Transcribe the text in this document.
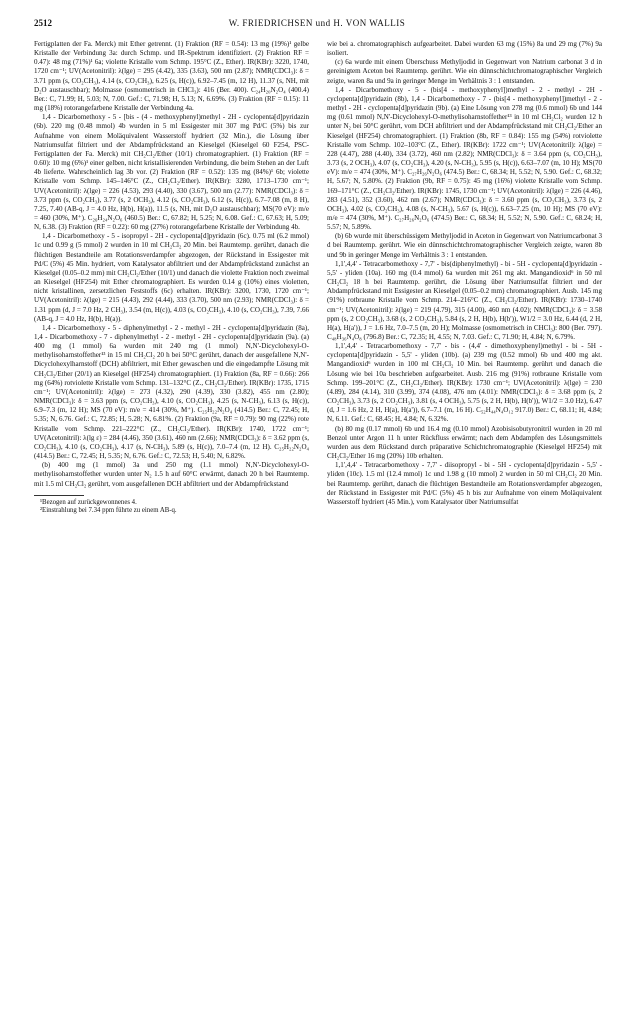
2512	W. FRIEDRICHSEN und H. VON WALLIS

Fertigplatten der Fa. Merck) mit Ether getrennt. (1) Fraktion (RF = 0.54): 13 mg (19%)¹ gelbe Kristalle der Verbindung 3a: durch Schmp. und IR-Spektrum identifiziert. (2) Fraktion RF = 0.47): 48 mg (71%)¹ 6a; violette Kristalle vom Schmp. 195°C (Z., Ether). IR(KBr): 3220, 1740, 1720 cm⁻¹; UV(Acetonitril): λ(lge) = 295 (4.42), 335 (3.63), 500 nm (2.87); NMR(CDCl₃): δ = 3.71 ppm (s, CO₂CH₃), 4.14 (s, CO₂CH₃), 6.25 (s, H(c)), 6.92–7.45 (m, 12 H), 11.37 (s, NH, mit D₂O austauschbar); Molmasse (osmometrisch in CHCl₃): 416 (Ber. 400). C₂₄H₂₀N₂O₄ (400.4) Ber.: C, 71.99; H, 5.03; N, 7.00. Gef.: C, 71.98; H, 5.13; N, 6.69%. (3) Fraktion (RF = 0.15): 11 mg (18%) rotorangefarbene Kristalle der Verbindung 4a.

1,4 - Dicarbomethoxy - 5 - [bis - (4 - methoxyphenyl)methyl - 2H - cyclopenta[d]pyridazin (6b). 220 mg (0.48 mmol) 4b wurden in 5 ml Essigester mit 307 mg Pd/C (5%) bis zur Aufnahme von einem Moläquivalent Wasserstoff hydriert (32 Min.), die Lösung über Natriumsulfat filtriert und der Abdampfrückstand an Kieselgel (Kieselgel 60 F254, PSC-Fertigplatten der Fa. Merck) mit CH₂Cl₂/Ether (10/1) chromatographiert. (1) Fraktion (RF = 0.60): 10 mg (6%)¹ einer gelben, nicht kristallisierenden Verbindung, die beim Stehen an der Luft 4b lieferte. Wahrscheinlich lag 3b vor. (2) Fraktion (RF = 0.52): 135 mg (84%)¹ 6b; violette Kristalle vom Schmp. 145–146°C (Z., CH₂Cl₂/Ether). IR(KBr): 3280, 1713–1730 cm⁻¹; UV(Acetonitril): λ(lge) = 226 (4.53), 293 (4.40), 330 (3.67), 500 nm (2.77): NMR(CDCl₃): δ = 3.73 ppm (s, CO₂CH₃), 3.77 (s, 2 OCH₃), 4.12 (s, CO₂CH₃), 6.12 (s, H(c)), 6.7–7.08 (m, 8 H), 7.25, 7.40 (AB-q, J = 4.0 Hz, H(b), H(a)), 11.5 (s, NH, mit D₂O austauschbar); MS(70 eV): m/e = 460 (30%, M⁺). C₂₆H₂₄N₂O₆ (460.5) Ber.: C, 67.82; H, 5.25; N, 6.08. Gef.: C, 67.63; H, 5.09; N, 6.38. (3) Fraktion (RF = 0.22): 60 mg (27%) rotorangefarbene Kristalle der Verbindung 4b.

1,4 - Dicarbomethoxy - 5 - isopropyl - 2H - cyclopenta[d]pyridazin (6c). 0.75 ml (6.2 mmol) 1c und 0.99 g (5 mmol) 2 wurden in 10 ml CH₂Cl₂ 20 Min. bei Raumtemp. gerührt, danach die flüchtigen Bestandteile am Rotationsverdampfer abgezogen, der Rückstand in Essigester mit Pd/C (5%) 45 Min. hydriert, vom Katalysator abfiltriert und der Abdampfrückstand zunächst an Kieselgel (0.05–0.2 mm) mit CH₂Cl₂/Ether (10/1) und danach die violette Fraktion noch zweimal an Kieselgel (HF254) mit Ether chromatographiert. Es wurden 0.14 g (10%) eines violetten, nicht kristallinen, zersetzlichen Feststoffs (6c) erhalten. IR(KBr): 3200, 1730, 1720 cm⁻¹; UV(Acetonitril): λ(lge) = 215 (4.43), 292 (4.44), 333 (3.70), 500 nm (2.93); NMR(CDCl₃): δ = 1.31 ppm (d, J = 7.0 Hz, 2 CH₃), 3.54 (m, H(c)), 4.03 (s, CO₂CH₃), 4.10 (s, CO₂CH₃), 7.39, 7.66 (AB-q, J = 4.0 Hz, H(b), H(a)).

1,4 - Dicarbomethoxy - 5 - diphenylmethyl - 2 - methyl - 2H - cyclopenta[d]pyridazin (8a), 1,4 - Dicarbomethoxy - 7 - diphenylmethyl - 2 - methyl - 2H - cyclopenta[d]pyridazin (9a). (a) 400 mg (1 mmol) 6a wurden mit 240 mg (1 mmol) N,N'-Dicyclohexyl-O-methylisoharnstoffether¹³ in 15 ml CH₂Cl₂ 20 h bei 50°C gerührt, danach der ausgefallene N,N'-Dicyclohexylharnstoff (DCH) abfiltriert, mit Ether gewaschen und die eingedampfte Lösung mit CH₂Cl₂/Ether (20/1) an Kieselgel (HF254) chromatographiert. (1) Fraktion (8a, RF = 0.66): 266 mg (64%) rotviolette Kristalle vom Schmp. 131–132°C (Z., CH₂Cl₂/Ether). IR(KBr): 1735, 1715 cm⁻¹; UV(Acetonitril): λ(lge) = 273 (4.32), 290 (4.39), 330 (3.82), 455 nm (2.80); NMR(CDCl₃): δ = 3.63 ppm (s, CO₂CH₃), 4.10 (s, CO₂CH₃), 4.25 (s, N-CH₃), 6.13 (s, H(c)), 6.9–7.3 (m, 12 H); MS (70 eV): m/e = 414 (30%, M⁺). C₂₅H₂₂N₂O₄ (414.5) Ber.: C, 72.45; H, 5.35; N, 6.76. Gef.: C, 72.85; H, 5.28; N, 6.81%. (2) Fraktion (9a, RF = 0.79): 90 mg (22%) rote Kristalle vom Schmp. 221–222°C (Z., CH₂Cl₂/Ether). IR(KBr): 1740, 1722 cm⁻¹; UV(Acetonitril): λ(lg ε) = 284 (4.46), 350 (3.61), 460 nm (2.66); NMR(CDCl₃): δ = 3.62 ppm (s, CO₂CH₃), 4.10 (s, CO₂CH₃), 4.17 (s, N-CH₃), 5.89 (s, H(c)), 7.0–7.4 (m, 12 H). C₂₅H₂₂N₂O₄ (414.5) Ber.: C, 72.45; H, 5.35; N, 6.76. Gef.: C, 72.53; H, 5.40; N, 6.82%.

(b) 400 mg (1 mmol) 3a und 250 mg (1.1 mmol) N,N'-Dicyclohexyl-O-methylisoharnstoffether wurden unter N₂ 1.5 h auf 60°C erwärmt, danach 20 h bei Raumtemp. mit 1.5 ml CH₂Cl₂ gerührt, vom ausgefallenen DCH abfiltriert und der Abdampfrückstand

¹Bezogen auf zurückgewonnenes 4.
²Einstrahlung bei 7.34 ppm führte zu einem AB-q.

wie bei a. chromatographisch aufgearbeitet. Dabei wurden 63 mg (15%) 8a und 29 mg (7%) 9a isoliert.

(c) 6a wurde mit einem Überschuss Methyljodid in Gegenwart von Natrium carbonat 3 d in gereinigtem Aceton bei Raumtemp. gerührt. Wie ein dünnschichtchromatographischer Vergleich zeigte, waren 8a und 9a in geringer Menge im Verhältnis 3 : 1 entstanden.

1,4 - Dicarbomethoxy - 5 - (bis[4 - methoxyphenyl])methyl - 2 - methyl - 2H - cyclopenta[d]pyridazin (8b), 1,4 - Dicarbomethoxy - 7 - (bis[4 - methoxyphenyl])methyl - 2 - methyl - 2H - cyclopenta[d]pyridazin (9b). (a) Eine Lösung von 278 mg (0.6 mmol) 6b und 144 mg (0.61 mmol) N,N'-Dicyclohexyl-O-methylisoharnstoffether¹³ in 10 ml CH₂Cl₂ wurden 12 h unter N₂ bei 50°C gerührt, vom DCH abfiltriert und der Abdampfrückstand mit CH₂Cl₂/Ether an Kieselgel (HF254) chromatographiert. (1) Fraktion (8b, RF = 0.84): 155 mg (54%) rotviolette Kristalle vom Schmp. 102–103°C (Z., Ether). IR(KBr): 1722 cm⁻¹; UV(Acetonitril): λ(lge) = 228 (4.47), 288 (4.40), 334 (3.72), 460 nm (2.82); NMR(CDCl₃): δ = 3.64 ppm (s, CO₂CH₃), 3.73 (s, 2 OCH₃), 4.07 (s, CO₂CH₃), 4.20 (s, N-CH₃), 5.95 (s, H(c)), 6.63–7.07 (m, 10 H); MS(70 eV): m/e = 474 (30%, M⁺). C₂₇H₂₆N₂O₆ (474.5) Ber.: C, 68.34; H, 5.52; N, 5.90. Gef.: C, 68.32; H, 5.67; N, 5.80%. (2) Fraktion (9b, RF = 0.75): 45 mg (16%) violette Kristalle vom Schmp. 169–171°C (Z., CH₂Cl₂/Ether). IR(KBr): 1745, 1730 cm⁻¹; UV(Acetonitril): λ(lge) = 226 (4.46), 283 (4.51), 352 (3.60), 462 nm (2.67); NMR(CDCl₃): δ = 3.60 ppm (s, CO₂CH₃), 3.73 (s, 2 OCH₃), 4.02 (s, CO₂CH₃), 4.08 (s, N-CH₃), 5.67 (s, H(c)), 6.63–7.25 (m, 10 H); MS (70 eV): m/e = 474 (30%, M⁺). C₂₇H₂₆N₂O₆ (474.5) Ber.: C, 68.34; H, 5.52; N, 5.90. Gef.: C, 68.24; H, 5.57; N, 5.89%.

(b) 6b wurde mit überschüssigem Methyljodid in Aceton in Gegenwart von Natriumcarbonat 3 d bei Raumtemp. gerührt. Wie ein dünnschichtchromatographischer Vergleich zeigte, waren 8b und 9b in geringer Menge im Verhältnis 3 : 1 entstanden.

1,1',4,4' - Tetracarbomethoxy - 7,7' - bis(diphenylmethyl) - bi - 5H - cyclopenta[d]pyridazin - 5,5' - yliden (10a). 160 mg (0.4 mmol) 6a wurden mit 261 mg akt. Mangandioxid⁶ in 50 ml CH₂Cl₂ 18 h bei Raumtemp. gerührt, die Lösung über Natriumsulfat filtriert und der Abdampfrückstand mit Essigester an Kieselgel (0.05–0.2 mm) chromatographiert. Ausb. 145 mg (91%) rotbraune Kristalle vom Schmp. 214–216°C (Z., CH₂Cl₂/Ether). IR(KBr): 1730–1740 cm⁻¹; UV(Acetonitril): λ(lge) = 219 (4.79), 315 (4.00), 460 nm (4.02); NMR(CDCl₃): δ = 3.58 ppm (s, 2 CO₂CH₃), 3.68 (s, 2 CO₂CH₃), 5.84 (s, 2 H, H(b), H(b')), W1/2 = 3.0 Hz, 6.44 (d, 2 H, H(a), H(a')), J = 1.6 Hz, 7.0–7.5 (m, 20 H); Molmasse (osmometrisch in CHCl₃): 800 (Ber. 797). C₄₈H₃₆N₄O₈ (796.8) Ber.: C, 72.35; H, 4.55; N, 7.03. Gef.: C, 71.90; H, 4.84; N, 6.79%.

1,1',4,4' - Tetracarbomethoxy - 7,7' - bis - (4,4' - dimethoxyphenyl)methyl - bi - 5H - cyclopenta[d]pyridazin - 5,5' - yliden (10b). (a) 239 mg (0.52 mmol) 6b und 400 mg akt. Mangandioxid⁶ wurden in 100 ml CH₂Cl₂ 10 Min. bei Raumtemp. gerührt und danach die Lösung wie bei 10a beschrieben aufgearbeitet. Ausb. 216 mg (91%) rotbraune Kristalle vom Schmp. 199–201°C (Z., CH₂Cl₂/Ether). IR(KBr): 1730 cm⁻¹; UV(Acetonitril): λ(lge) = 230 (4.89), 284 (4.14), 310 (3.99), 374 (4.08), 476 nm (4.01): NMR(CDCl₃): δ = 3.68 ppm (s, 2 CO₂CH₃), 3.73 (s, 2 CO₂CH₃), 3.81 (s, 4 OCH₃), 5.75 (s, 2 H, H(b), H(b')), W1/2 = 3.0 Hz), 6.47 (d, J = 1.6 Hz, 2 H, H(a), H(a')), 6.7–7.1 (m, 16 H). C₅₂H₄₄N₄O₁₂ 917.0) Ber.: C, 68.11; H, 4.84; N, 6.11. Gef.: C, 68.45; H, 4.84; N, 6.32%.

(b) 80 mg (0.17 mmol) 6b und 16.4 mg (0.10 mmol) Azobisisobutyronitril wurden in 20 ml Benzol unter Argon 11 h unter Rückfluss erwärmt; nach dem Abdampfen des Lösungsmittels wurden aus dem Rückstand durch präparative Schichtchromatographie (Kieselgel HF254) mit CH₂Cl₂/Ether 16 mg (20%) 10b erhalten.

1,1',4,4' - Tetracarbomethoxy - 7,7' - diisopropyl - bi - 5H - cyclopenta[d]pyridazin - 5,5' - yliden (10c). 1.5 ml (12.4 mmol) 1c und 1.98 g (10 mmol) 2 wurden in 50 ml CH₂Cl₂ 20 Min. bei Raumtemp. gerührt, danach die flüchtigen Bestandteile am Rotationsverdampfer abgezogen, der Rückstand in Essigester mit Pd/C (5%) 45 h bis zur Aufnahme von einem Moläquivalent Wasserstoff hydriert (45 Min.), vom Katalysator über Natriumsulfat
